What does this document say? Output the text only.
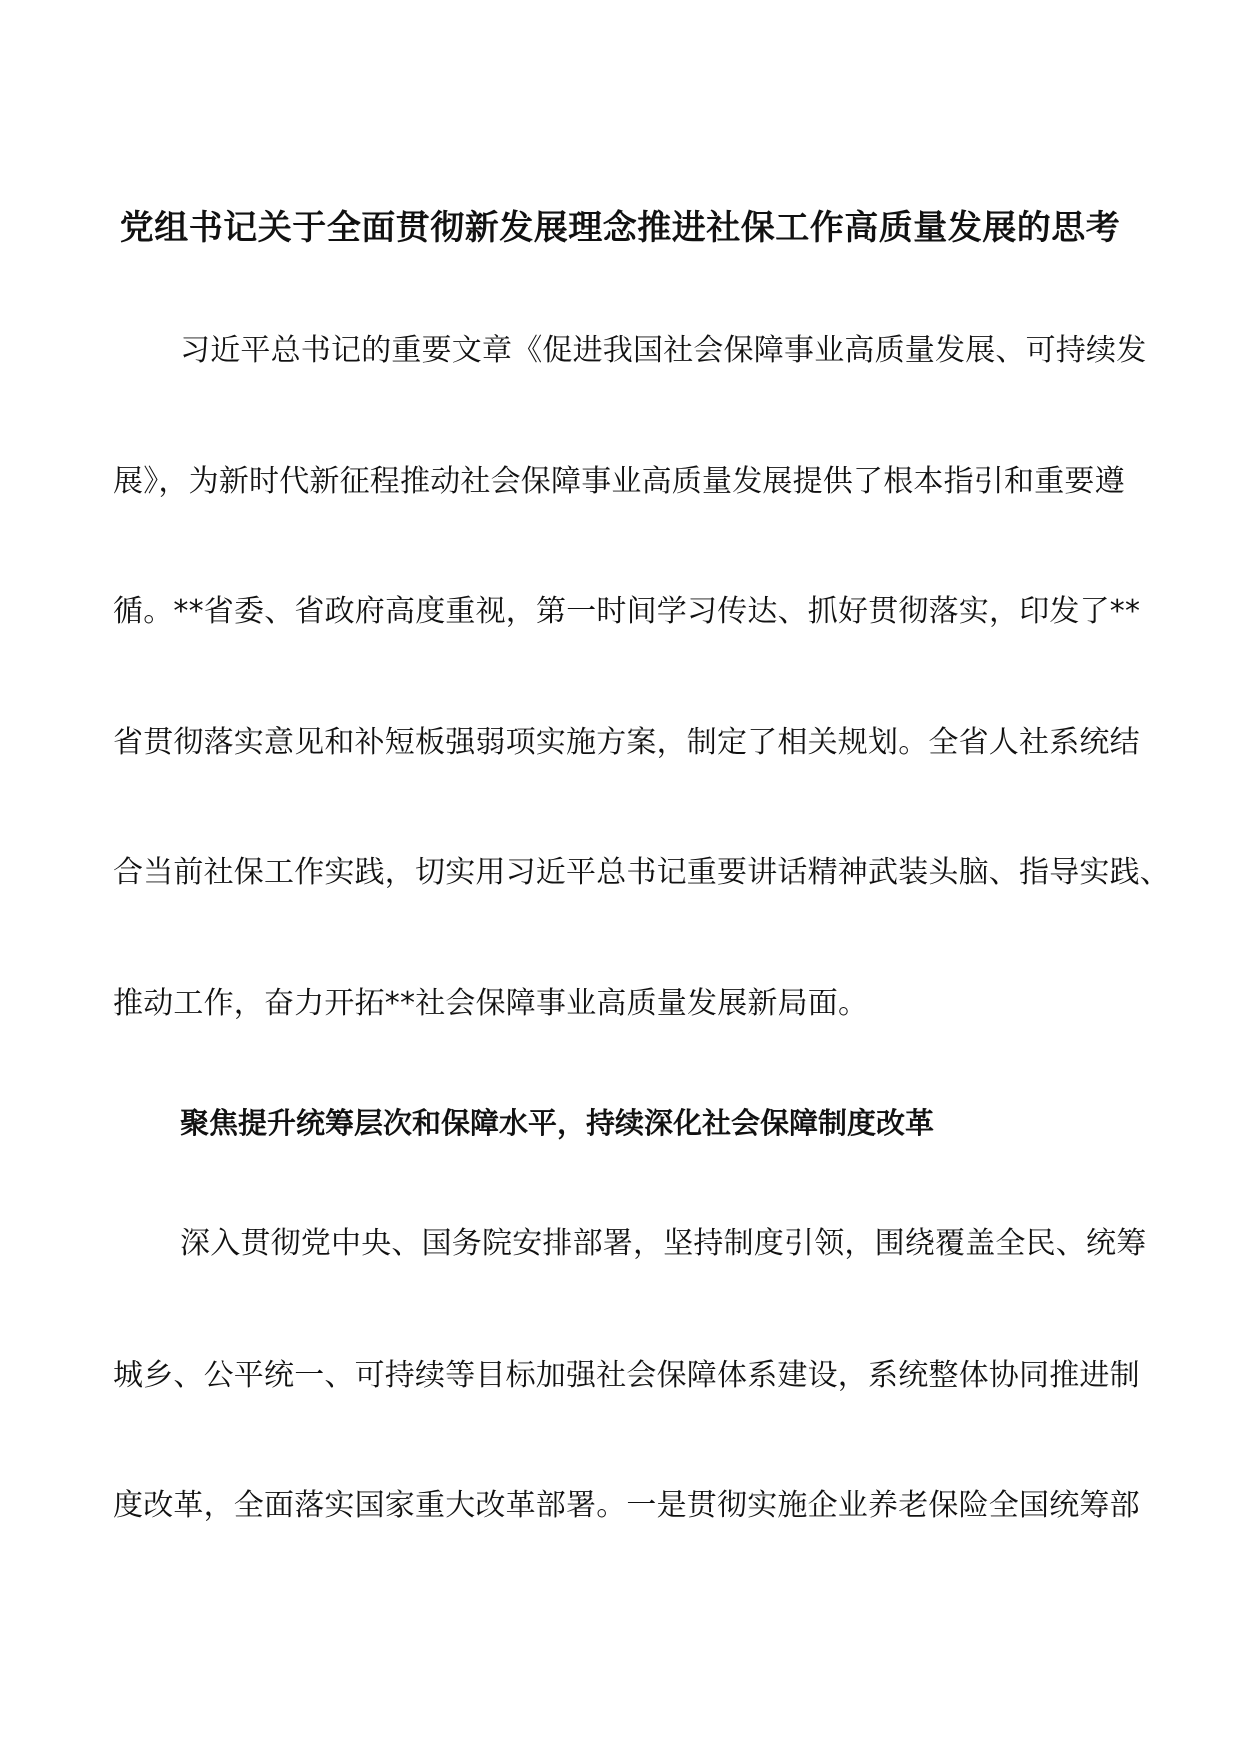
党组书记关于全面贯彻新发展理念推进社保工作高质量发展的思考
习近平总书记的重要文章《促进我国社会保障事业高质量发展、可持续发
展》，为新时代新征程推动社会保障事业高质量发展提供了根本指引和重要遵
循。**省委、省政府高度重视，第一时间学习传达、抓好贯彻落实，印发了**
省贯彻落实意见和补短板强弱项实施方案，制定了相关规划。全省人社系统结
合当前社保工作实践，切实用习近平总书记重要讲话精神武装头脑、指导实践、
推动工作，奋力开拓**社会保障事业高质量发展新局面。
聚焦提升统筹层次和保障水平，持续深化社会保障制度改革
深入贯彻党中央、国务院安排部署，坚持制度引领，围绕覆盖全民、统筹
城乡、公平统一、可持续等目标加强社会保障体系建设，系统整体协同推进制
度改革，全面落实国家重大改革部署。一是贯彻实施企业养老保险全国统筹部
